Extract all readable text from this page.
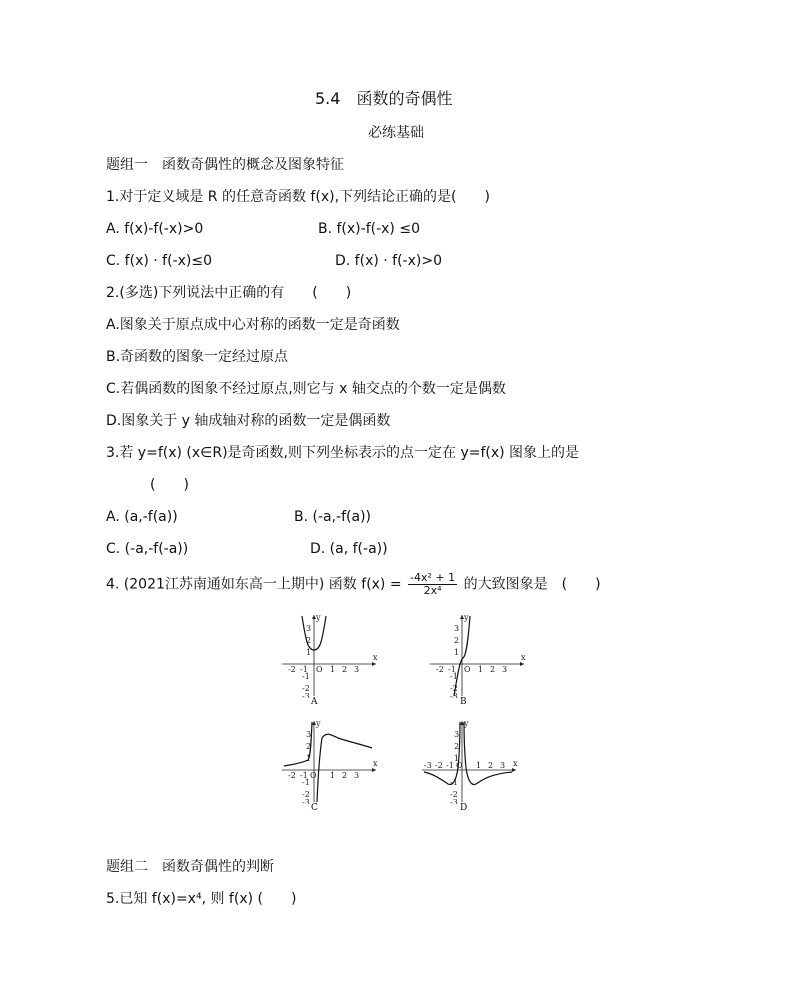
5.4　函数的奇偶性
必练基础
题组一　函数奇偶性的概念及图象特征
1.对于定义域是 R 的任意奇函数 f(x),下列结论正确的是(　　)
A. f(x)-f(-x)>0	B. f(x)-f(-x) ≤0
C. f(x) · f(-x)≤0	D. f(x) · f(-x)>0
2.(多选)下列说法中正确的有　　(　　)
A.图象关于原点成中心对称的函数一定是奇函数
B.奇函数的图象一定经过原点
C.若偶函数的图象不经过原点,则它与 x 轴交点的个数一定是偶数
D.图象关于 y 轴成轴对称的函数一定是偶函数
3.若 y=f(x) (x∈R)是奇函数,则下列坐标表示的点一定在 y=f(x) 图象上的是
(　　)
A. (a,-f(a))	B. (-a,-f(a))
C. (-a,-f(-a))	D. (a, f(-a))
4. (2021江苏南通如东高一上期中) 函数 $f(x) = \frac{\text{-4x² + 1}}{\text{2x⁴}}$ 的大致图象是　(　　)
y
x
-2 -1 O 1 2 3
3
2
1
-1
-2
-3
A
y
x
-2 -1 O 1 2 3
3
2
1
-1
-2
-3
B
y
x
-2 -1 O 1 2 3
3
2
1
-1
-2
-3
C
y
x
-3 -2 -1 O 1 2 3
3
2
1
-1
-2
-3
D
题组二　函数奇偶性的判断
5.已知 f(x)=x⁴, 则 f(x) (　　)
